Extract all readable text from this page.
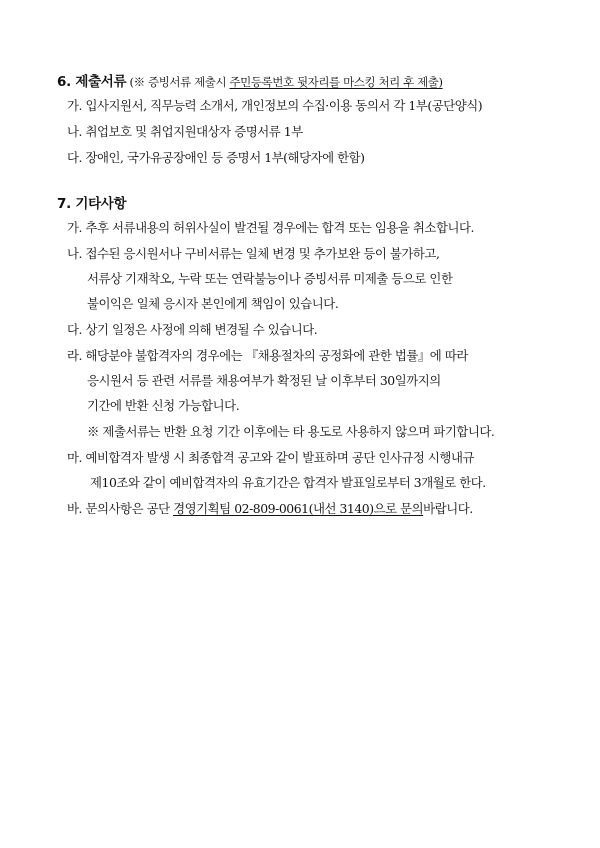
6. 제출서류 (※ 증빙서류 제출시 주민등록번호 뒷자리를 마스킹 처리 후 제출)
가. 입사지원서, 직무능력 소개서, 개인정보의 수집·이용 동의서 각 1부(공단양식)
나. 취업보호 및 취업지원대상자 증명서류 1부
다. 장애인, 국가유공장애인 등 증명서 1부(해당자에 한함)
7. 기타사항
가. 추후 서류내용의 허위사실이 발견될 경우에는 합격 또는 임용을 취소합니다.
나. 접수된 응시원서나 구비서류는 일체 변경 및 추가보완 등이 불가하고,
서류상 기재착오, 누락 또는 연락불능이나 증빙서류 미제출 등으로 인한
불이익은 일체 응시자 본인에게 책임이 있습니다.
다. 상기 일정은 사정에 의해 변경될 수 있습니다.
라. 해당분야 불합격자의 경우에는 『채용절차의 공정화에 관한 법률』에 따라
응시원서 등 관련 서류를 채용여부가 확정된 날 이후부터 30일까지의
기간에 반환 신청 가능합니다.
※ 제출서류는 반환 요청 기간 이후에는 타 용도로 사용하지 않으며 파기합니다.
마. 예비합격자 발생 시 최종합격 공고와 같이 발표하며 공단 인사규정 시행내규
제10조와 같이 예비합격자의 유효기간은 합격자 발표일로부터 3개월로 한다.
바. 문의사항은 공단 경영기획팀 02-809-0061(내선 3140)으로 문의바랍니다.
